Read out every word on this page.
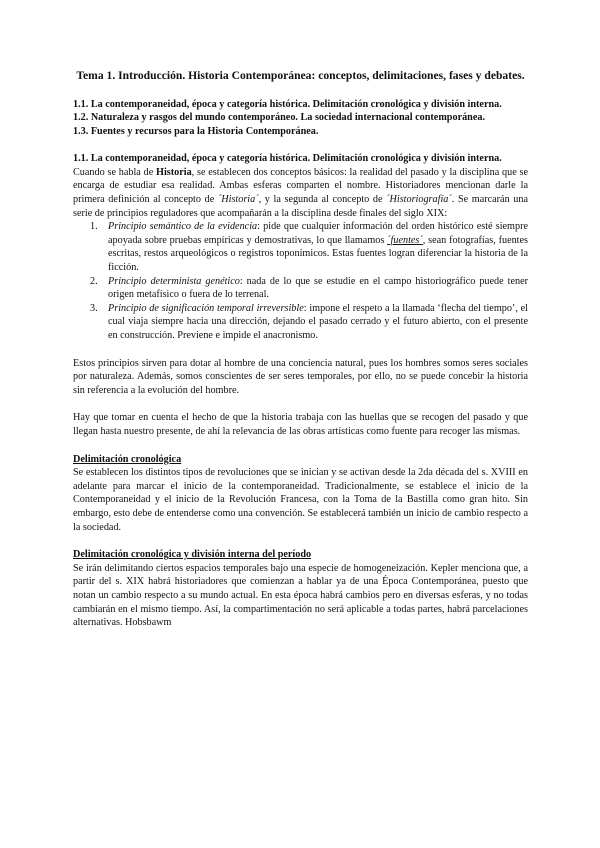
Tema 1. Introducción. Historia Contemporánea: conceptos, delimitaciones, fases y debates.
1.1. La contemporaneidad, época y categoría histórica. Delimitación cronológica y división interna.
1.2. Naturaleza y rasgos del mundo contemporáneo. La sociedad internacional contemporánea.
1.3. Fuentes y recursos para la Historia Contemporánea.
1.1. La contemporaneidad, época y categoría histórica. Delimitación cronológica y división interna.

Cuando se habla de Historia, se establecen dos conceptos básicos: la realidad del pasado y la disciplina que se encarga de estudiar esa realidad. Ambas esferas comparten el nombre. Historiadores mencionan darle la primera definición al concepto de ´Historia´, y la segunda al concepto de ´Historiografía´. Se marcarán una serie de principios reguladores que acompañarán a la disciplina desde finales del siglo XIX:

1. Principio semántico de la evidencia: pide que cualquier información del orden histórico esté siempre apoyada sobre pruebas empíricas y demostrativas, lo que llamamos ´fuentes´, sean fotografías, fuentes escritas, restos arqueológicos o registros toponímicos. Estas fuentes logran diferenciar la historia de la ficción.
2. Principio determinista genético: nada de lo que se estudie en el campo historiográfico puede tener origen metafísico o fuera de lo terrenal.
3. Principio de significación temporal irreversible: impone el respeto a la llamada ‘flecha del tiempo’, el cual viaja siempre hacia una dirección, dejando el pasado cerrado y el futuro abierto, con el presente en construcción. Previene e impide el anacronismo.

Estos principios sirven para dotar al hombre de una conciencia natural, pues los hombres somos seres sociales por naturaleza. Además, somos conscientes de ser seres temporales, por ello, no se puede concebir la historia sin referencia a la evolución del hombre.

Hay que tomar en cuenta el hecho de que la historia trabaja con las huellas que se recogen del pasado y que llegan hasta nuestro presente, de ahí la relevancia de las obras artísticas como fuente para recoger las mismas.

Delimitación cronológica

Se establecen los distintos tipos de revoluciones que se inician y se activan desde la 2da década del s. XVIII en adelante para marcar el inicio de la contemporaneidad. Tradicionalmente, se establece el inicio de la Contemporaneidad y el inicio de la Revolución Francesa, con la Toma de la Bastilla como gran hito. Sin embargo, esto debe de entenderse como una convención. Se establecerá también un inicio de cambio respecto a la sociedad.

Delimitación cronológica y división interna del período

Se irán delimitando ciertos espacios temporales bajo una especie de homogeneización. Kepler menciona que, a partir del s. XIX habrá historiadores que comienzan a hablar ya de una Época Contemporánea, puesto que notan un cambio respecto a su mundo actual. En esta época habrá cambios pero en diversas esferas, y no todas cambiarán en el mismo tiempo. Así, la compartimentación no será aplicable a todas partes, habrá parcelaciones alternativas. Hobsbawm
